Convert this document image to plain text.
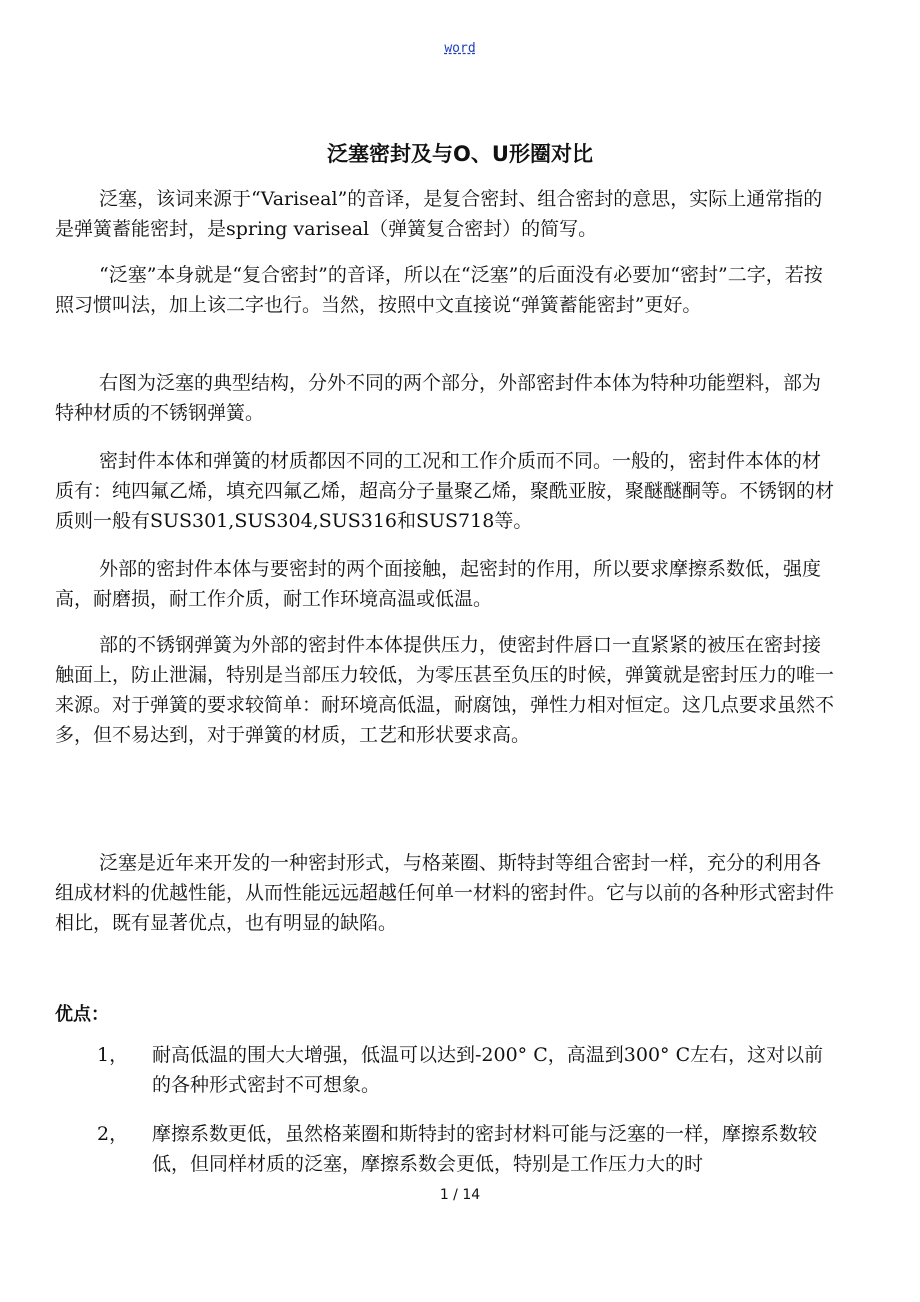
word
泛塞密封及与O、U形圈对比

泛塞，该词来源于“Variseal”的音译，是复合密封、组合密封的意思，实际上通常指的是弹簧蓄能密封，是spring variseal（弹簧复合密封）的简写。

“泛塞”本身就是“复合密封”的音译，所以在“泛塞”的后面没有必要加“密封”二字，若按照习惯叫法，加上该二字也行。当然，按照中文直接说“弹簧蓄能密封”更好。

右图为泛塞的典型结构，分外不同的两个部分，外部密封件本体为特种功能塑料，部为特种材质的不锈钢弹簧。

密封件本体和弹簧的材质都因不同的工况和工作介质而不同。一般的，密封件本体的材质有：纯四氟乙烯，填充四氟乙烯，超高分子量聚乙烯，聚酰亚胺，聚醚醚酮等。不锈钢的材质则一般有SUS301,SUS304,SUS316和SUS718等。

外部的密封件本体与要密封的两个面接触，起密封的作用，所以要求摩擦系数低，强度高，耐磨损，耐工作介质，耐工作环境高温或低温。

部的不锈钢弹簧为外部的密封件本体提供压力，使密封件唇口一直紧紧的被压在密封接触面上，防止泄漏，特别是当部压力较低，为零压甚至负压的时候，弹簧就是密封压力的唯一来源。对于弹簧的要求较简单：耐环境高低温，耐腐蚀，弹性力相对恒定。这几点要求虽然不多，但不易达到，对于弹簧的材质，工艺和形状要求高。

泛塞是近年来开发的一种密封形式，与格莱圈、斯特封等组合密封一样，充分的利用各组成材料的优越性能，从而性能远远超越任何单一材料的密封件。它与以前的各种形式密封件相比，既有显著优点，也有明显的缺陷。

优点：
1， 耐高低温的围大大增强，低温可以达到-200° C，高温到300° C左右，这对以前的各种形式密封不可想象。

2， 摩擦系数更低，虽然格莱圈和斯特封的密封材料可能与泛塞的一样，摩擦系数较低，但同样材质的泛塞，摩擦系数会更低，特别是工作压力大的时

1 / 14
